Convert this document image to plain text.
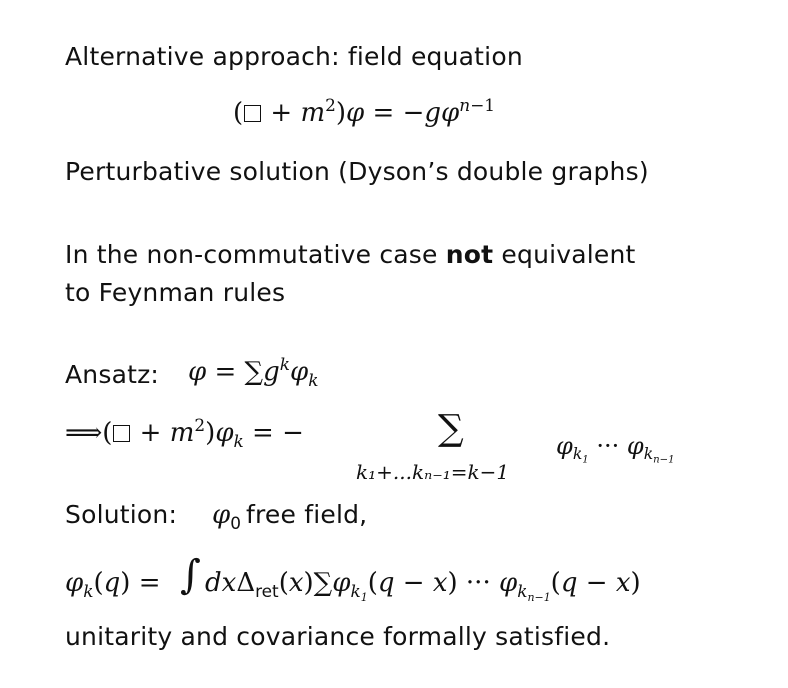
Alternative approach: field equation
( + $m^2)\varphi = -g\varphi^{n-1}$
Perturbative solution (Dyson’s double graphs)
In the non-commutative case not equivalent
to Feynman rules
Ansatz: $\varphi = \sum g^k\varphi_k$
⟹( + $m^2)\varphi_k$ = −	∑
k₁+...kₙ₋₁=k−1
$\varphi_{k_1}$ ··· $\varphi_{k_{n-1}}$
Solution: $\varphi_0$ free field,
$\varphi_k(q)$ = ∫ $dx\Delta_{ret}(x)\sum\varphi_{k_1}(q - x)$ ··· $\varphi_{k_{n-1}}(q - x)$
unitarity and covariance formally satisfied.
